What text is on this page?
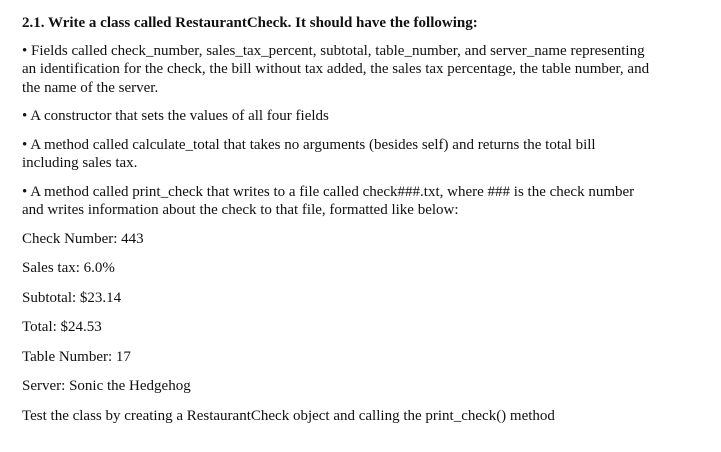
2.1. Write a class called RestaurantCheck. It should have the following:
• Fields called check_number, sales_tax_percent, subtotal, table_number, and server_name representing an identification for the check, the bill without tax added, the sales tax percentage, the table number, and the name of the server.
• A constructor that sets the values of all four fields
• A method called calculate_total that takes no arguments (besides self) and returns the total bill including sales tax.
• A method called print_check that writes to a file called check###.txt, where ### is the check number and writes information about the check to that file, formatted like below:
Check Number: 443
Sales tax: 6.0%
Subtotal: $23.14
Total: $24.53
Table Number: 17
Server: Sonic the Hedgehog
Test the class by creating a RestaurantCheck object and calling the print_check() method
